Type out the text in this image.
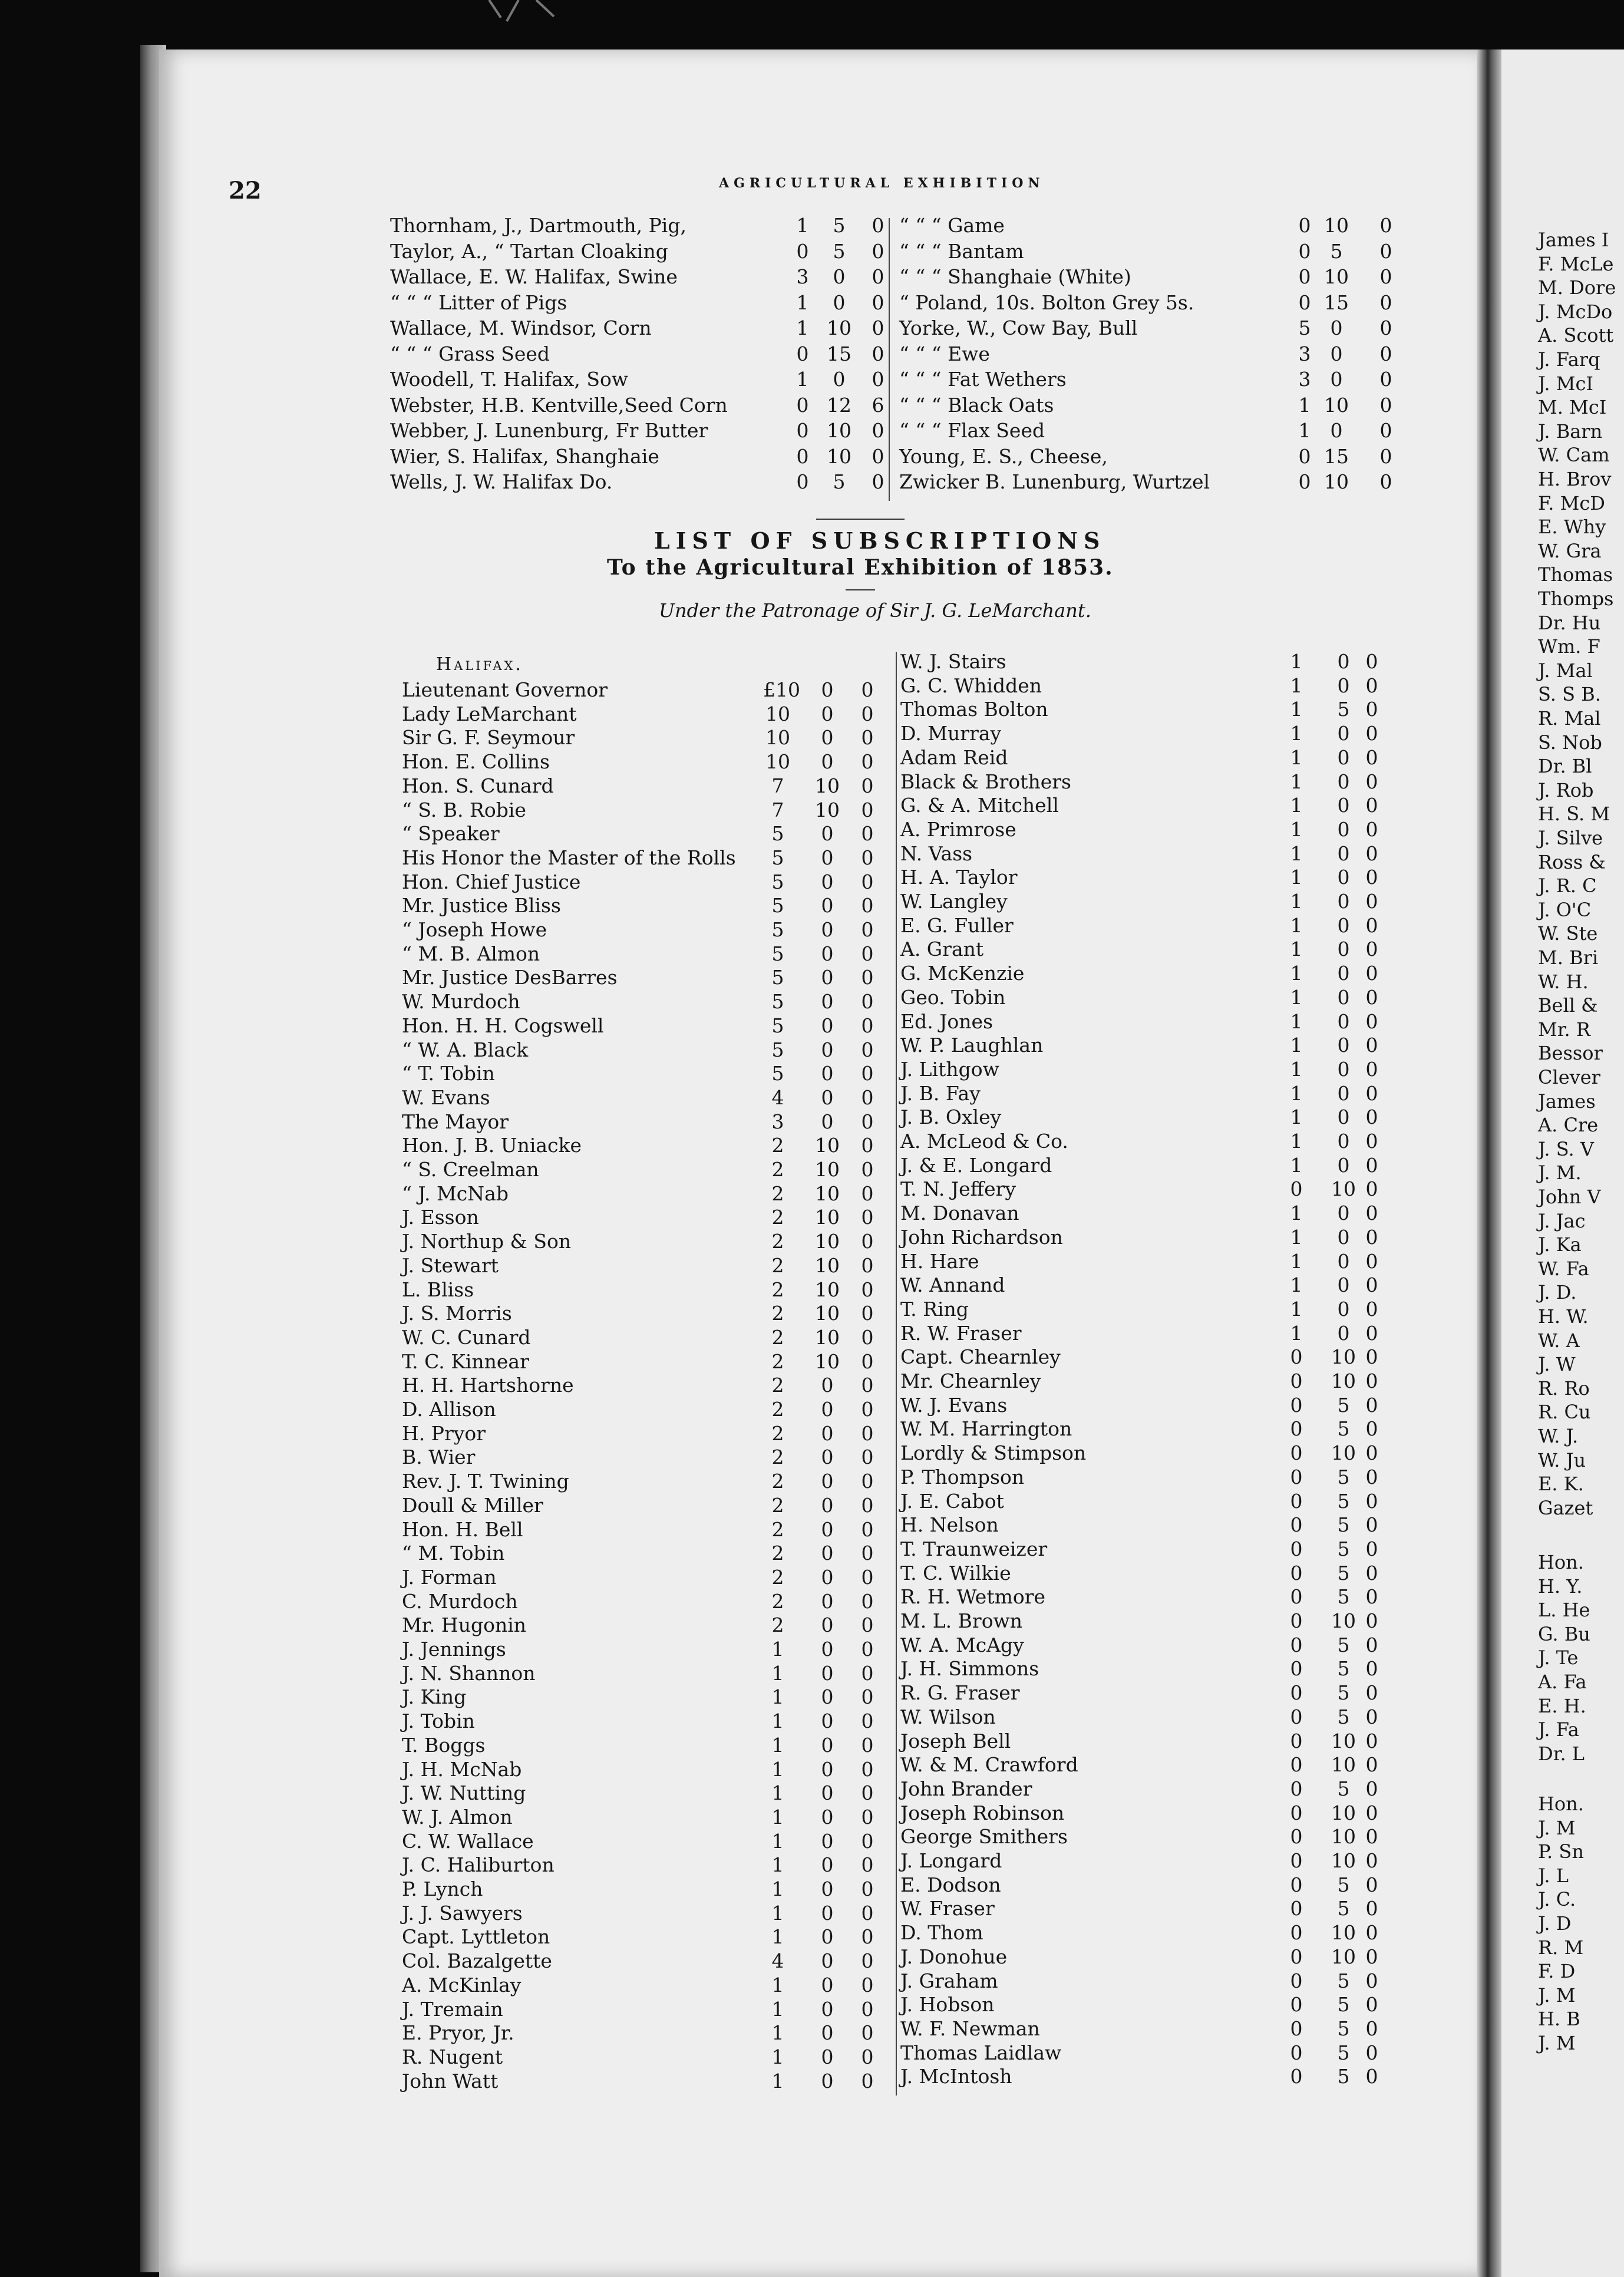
James I
F. McLe
M. Dore
J. McDo
A. Scott
J. Farq
J. McI
M. McI
J. Barn
W. Cam
H. Brov
F. McD
E. Why
W. Gra
Thomas
Thomps
Dr. Hu
Wm. F
J. Mal
S. S B.
R. Mal
S. Nob
Dr. Bl
J. Rob
H. S. M
J. Silve
Ross &
J. R. C
J. O'C
W. Ste
M. Bri
W. H.
Bell &
Mr. R
Bessor
Clever
James
A. Cre
J. S. V
J. M.
John V
J. Jac
J. Ka
W. Fa
J. D.
H. W.
W. A
J. W
R. Ro
R. Cu
W. J.
W. Ju
E. K.
Gazet
Hon.
H. Y.
L. He
G. Bu
J. Te
A. Fa
E. H.
J. Fa
Dr. L
Hon.
J. M
P. Sn
J. L
J. C.
J. D
R. M
F. D
J. M
H. B
J. M
22	AGRICULTURAL EXHIBITION
Thornham, J., Dartmouth, Pig,	1	5	0
Taylor, A., “ Tartan Cloaking	0	5	0
Wallace, E. W. Halifax, Swine	3	0	0
“ “ “ Litter of Pigs	1	0	0
Wallace, M. Windsor, Corn	1 10	0
“ “ “ Grass Seed	0 15	0
Woodell, T. Halifax, Sow	1	0	0
Webster, H.B. Kentville,Seed Corn	0 12	6
Webber, J. Lunenburg, Fr Butter	0 10	0
Wier, S. Halifax, Shanghaie	0 10	0
Wells, J. W. Halifax Do.	0	5	0
“ “ “ Game	0 10	0
“ “ “ Bantam	0	5	0
“ “ “ Shanghaie (White)	0 10	0
“ Poland, 10s. Bolton Grey 5s.	0 15	0
Yorke, W., Cow Bay, Bull	5	0	0
“ “ “ Ewe	3	0	0
“ “ “ Fat Wethers	3	0	0
“ “ “ Black Oats	1 10	0
“ “ “ Flax Seed	1	0	0
Young, E. S., Cheese,	0 15	0
Zwicker B. Lunenburg, Wurtzel	0 10	0
LIST OF SUBSCRIPTIONS
To the Agricultural Exhibition of 1853.
Under the Patronage of Sir J. G. LeMarchant.
Halifax.
Lieutenant Governor	£10	0	0
Lady LeMarchant	10	0	0
Sir G. F. Seymour	10	0	0
Hon. E. Collins	10	0	0
Hon. S. Cunard	7	10	0
“ S. B. Robie	7	10	0
“ Speaker	5	0	0
His Honor the Master of the Rolls	5	0	0
Hon. Chief Justice	5	0	0
Mr. Justice Bliss	5	0	0
“ Joseph Howe	5	0	0
“ M. B. Almon	5	0	0
Mr. Justice DesBarres	5	0	0
W. Murdoch	5	0	0
Hon. H. H. Cogswell	5	0	0
“ W. A. Black	5	0	0
“ T. Tobin	5	0	0
W. Evans	4	0	0
The Mayor	3	0	0
Hon. J. B. Uniacke	2	10	0
“ S. Creelman	2	10	0
“ J. McNab	2	10	0
J. Esson	2	10	0
J. Northup & Son	2	10	0
J. Stewart	2	10	0
L. Bliss	2	10	0
J. S. Morris	2	10	0
W. C. Cunard	2	10	0
T. C. Kinnear	2	10	0
H. H. Hartshorne	2	0	0
D. Allison	2	0	0
H. Pryor	2	0	0
B. Wier	2	0	0
Rev. J. T. Twining	2	0	0
Doull & Miller	2	0	0
Hon. H. Bell	2	0	0
“ M. Tobin	2	0	0
J. Forman	2	0	0
C. Murdoch	2	0	0
Mr. Hugonin	2	0	0
J. Jennings	1	0	0
J. N. Shannon	1	0	0
J. King	1	0	0
J. Tobin	1	0	0
T. Boggs	1	0	0
J. H. McNab	1	0	0
J. W. Nutting	1	0	0
W. J. Almon	1	0	0
C. W. Wallace	1	0	0
J. C. Haliburton	1	0	0
P. Lynch	1	0	0
J. J. Sawyers	1	0	0
Capt. Lyttleton	1	0	0
Col. Bazalgette	4	0	0
A. McKinlay	1	0	0
J. Tremain	1	0	0
E. Pryor, Jr.	1	0	0
R. Nugent	1	0	0
John Watt	1	0	0
W. J. Stairs	1	0 0
G. C. Whidden	1	0 0
Thomas Bolton	1	5 0
D. Murray	1	0 0
Adam Reid	1	0 0
Black & Brothers	1	0 0
G. & A. Mitchell	1	0 0
A. Primrose	1	0 0
N. Vass	1	0 0
H. A. Taylor	1	0 0
W. Langley	1	0 0
E. G. Fuller	1	0 0
A. Grant	1	0 0
G. McKenzie	1	0 0
Geo. Tobin	1	0 0
Ed. Jones	1	0 0
W. P. Laughlan	1	0 0
J. Lithgow	1	0 0
J. B. Fay	1	0 0
J. B. Oxley	1	0 0
A. McLeod & Co.	1	0 0
J. & E. Longard	1	0 0
T. N. Jeffery	0	10 0
M. Donavan	1	0 0
John Richardson	1	0 0
H. Hare	1	0 0
W. Annand	1	0 0
T. Ring	1	0 0
R. W. Fraser	1	0 0
Capt. Chearnley	0	10 0
Mr. Chearnley	0	10 0
W. J. Evans	0	5 0
W. M. Harrington	0	5 0
Lordly & Stimpson	0	10 0
P. Thompson	0	5 0
J. E. Cabot	0	5 0
H. Nelson	0	5 0
T. Traunweizer	0	5 0
T. C. Wilkie	0	5 0
R. H. Wetmore	0	5 0
M. L. Brown	0	10 0
W. A. McAgy	0	5 0
J. H. Simmons	0	5 0
R. G. Fraser	0	5 0
W. Wilson	0	5 0
Joseph Bell	0	10 0
W. & M. Crawford	0	10 0
John Brander	0	5 0
Joseph Robinson	0	10 0
George Smithers	0	10 0
J. Longard	0	10 0
E. Dodson	0	5 0
W. Fraser	0	5 0
D. Thom	0	10 0
J. Donohue	0	10 0
J. Graham	0	5 0
J. Hobson	0	5 0
W. F. Newman	0	5 0
Thomas Laidlaw	0	5 0
J. McIntosh	0	5 0
